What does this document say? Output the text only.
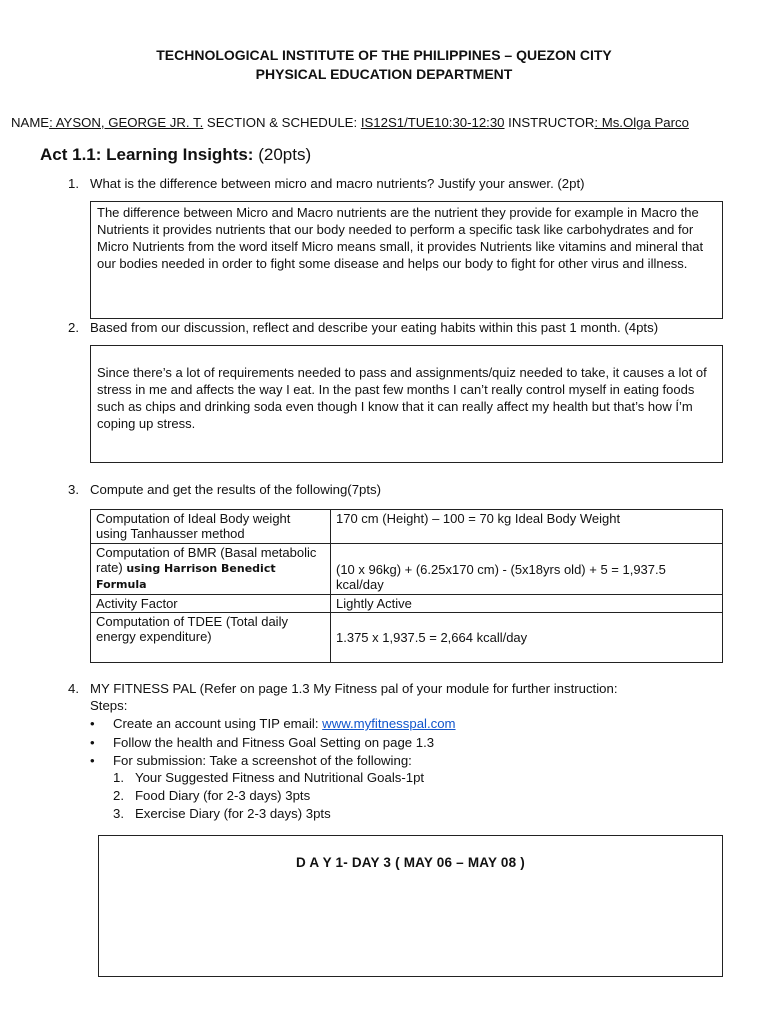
TECHNOLOGICAL INSTITUTE OF THE PHILIPPINES – QUEZON CITY
PHYSICAL EDUCATION DEPARTMENT
NAME: AYSON, GEORGE JR. T. SECTION & SCHEDULE: IS12S1/TUE10:30-12:30 INSTRUCTOR: Ms.Olga Parco
Act 1.1: Learning Insights: (20pts)
1. What is the difference between micro and macro nutrients? Justify your answer. (2pt)
The difference between Micro and Macro nutrients are the nutrient they provide for example in Macro the Nutrients it provides nutrients that our body needed to perform a specific task like carbohydrates and for Micro Nutrients from the word itself Micro means small, it provides Nutrients like vitamins and mineral that our bodies needed in order to fight some disease and helps our body to fight for other virus and illness.
2. Based from our discussion, reflect and describe your eating habits within this past 1 month. (4pts)
Since there’s a lot of requirements needed to pass and assignments/quiz needed to take, it causes a lot of stress in me and affects the way I eat. In the past few months I can’t really control myself in eating foods such as chips and drinking soda even though I know that it can really affect my health but that’s how Í’m coping up stress.
3. Compute and get the results of the following(7pts)
Computation of Ideal Body weight using Tanhausser method	170 cm (Height) – 100 = 70 kg Ideal Body Weight
Computation of BMR (Basal metabolic rate) using Harrison Benedict Formula	(10 x 96kg) + (6.25x170 cm) - (5x18yrs old) + 5 = 1,937.5 kcal/day
Activity Factor	Lightly Active
Computation of TDEE (Total daily energy expenditure)	1.375 x 1,937.5 = 2,664 kcall/day
4. MY FITNESS PAL (Refer on page 1.3 My Fitness pal of your module for further instruction:
Steps:
• Create an account using TIP email: www.myfitnesspal.com
• Follow the health and Fitness Goal Setting on page 1.3
• For submission: Take a screenshot of the following:
1. Your Suggested Fitness and Nutritional Goals-1pt
2. Food Diary (for 2-3 days) 3pts
3. Exercise Diary (for 2-3 days) 3pts
D A Y 1- DAY 3 ( MAY 06 – MAY 08 )
